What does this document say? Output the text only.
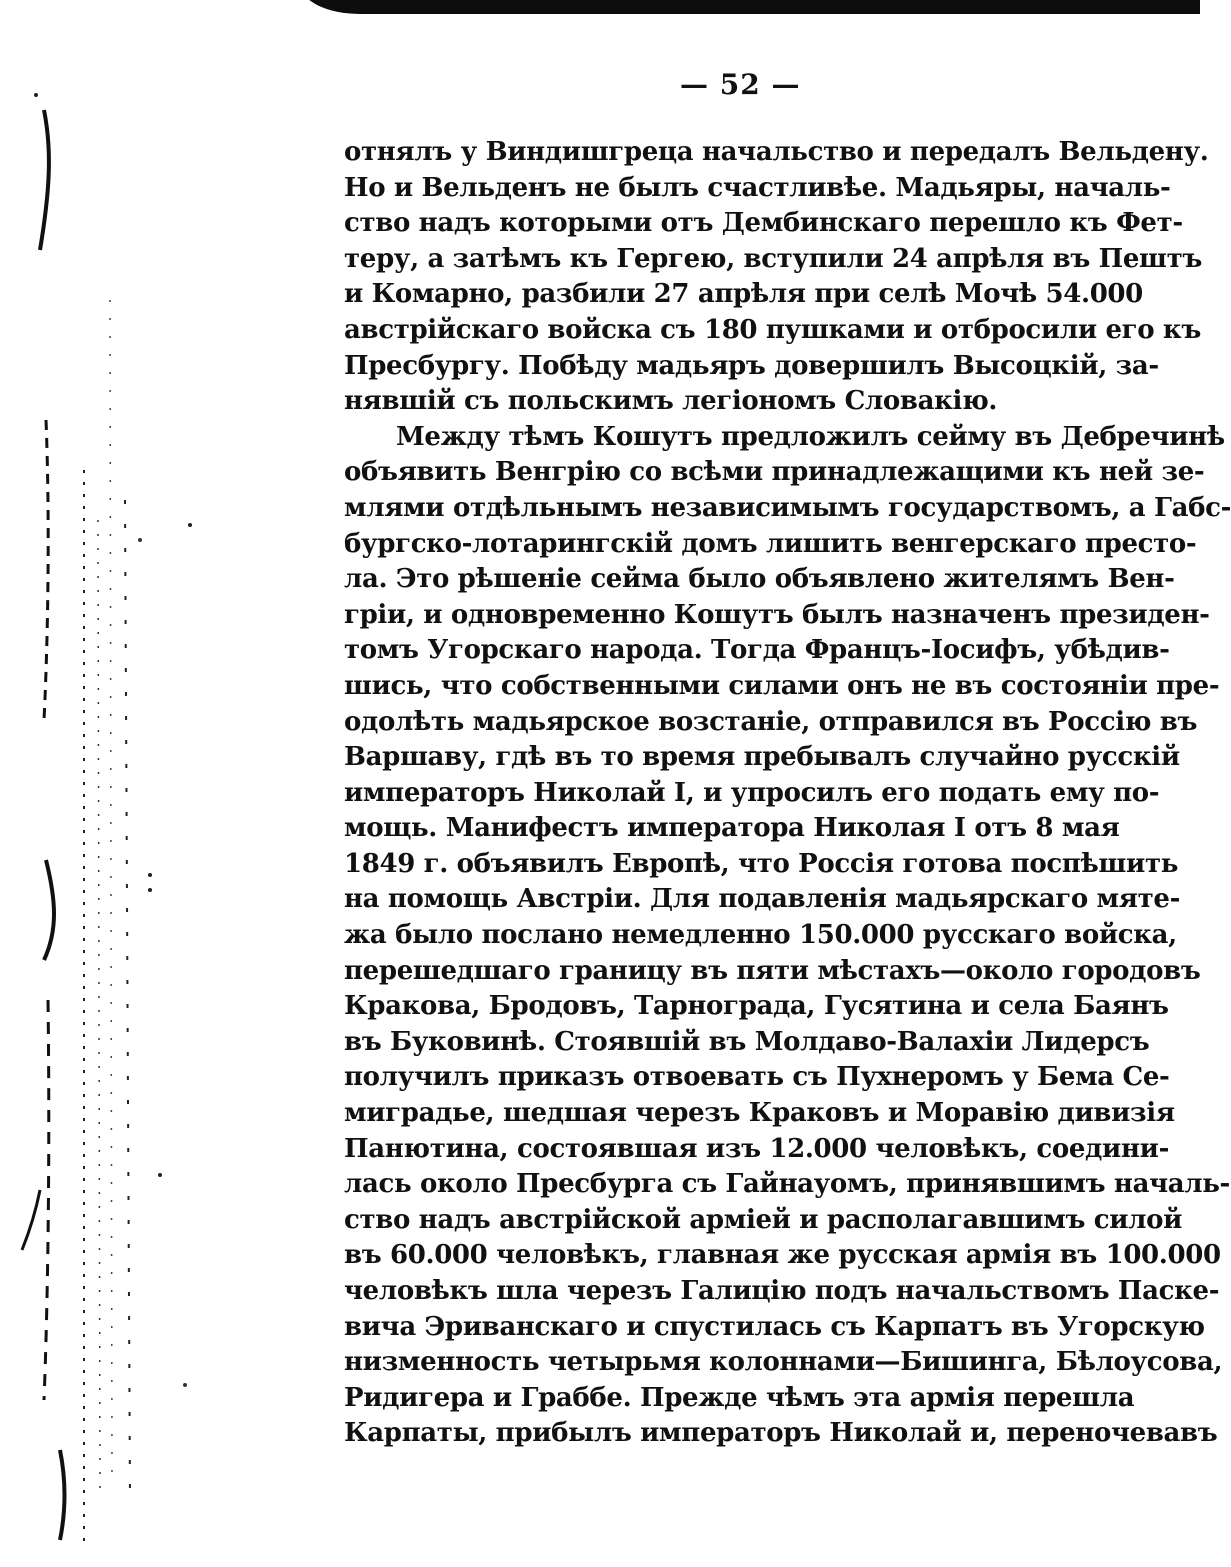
— 52 —
отнялъ у Виндишгреца начальство и передалъ Вельдену.
Но и Вельденъ не былъ счастливѣе. Мадьяры, началь-
ство надъ которыми отъ Дембинскаго перешло къ Фет-
теру, а затѣмъ къ Гергею, вступили 24 апрѣля въ Пештъ
и Комарно, разбили 27 апрѣля при селѣ Мочѣ 54.000
австрійскаго войска съ 180 пушками и отбросили его къ
Пресбургу. Побѣду мадьяръ довершилъ Высоцкій, за-
нявшій съ польскимъ легіономъ Словакію.
Между тѣмъ Кошутъ предложилъ сейму въ Дебречинѣ
объявить Венгрію со всѣми принадлежащими къ ней зе-
млями отдѣльнымъ независимымъ государствомъ, а Габс-
бургско-лотарингскій домъ лишить венгерскаго престо-
ла. Это рѣшеніе сейма было объявлено жителямъ Вен-
гріи, и одновременно Кошутъ былъ назначенъ президен-
томъ Угорскаго народа. Тогда Францъ-Іосифъ, убѣдив-
шись, что собственными силами онъ не въ состояніи пре-
одолѣть мадьярское возстаніе, отправился въ Россію въ
Варшаву, гдѣ въ то время пребывалъ случайно русскій
императоръ Николай I, и упросилъ его подать ему по-
мощь. Манифестъ императора Николая I отъ 8 мая
1849 г. объявилъ Европѣ, что Россія готова поспѣшить
на помощь Австріи. Для подавленія мадьярскаго мяте-
жа было послано немедленно 150.000 русскаго войска,
перешедшаго границу въ пяти мѣстахъ—около городовъ
Кракова, Бродовъ, Тарнограда, Гусятина и села Баянъ
въ Буковинѣ. Стоявшій въ Молдаво-Валахіи Лидерсъ
получилъ приказъ отвоевать съ Пухнеромъ у Бема Се-
миградье, шедшая черезъ Краковъ и Моравію дивизія
Панютина, состоявшая изъ 12.000 человѣкъ, соедини-
лась около Пресбурга съ Гайнауомъ, принявшимъ началь-
ство надъ австрійской арміей и располагавшимъ силой
въ 60.000 человѣкъ, главная же русская армія въ 100.000
человѣкъ шла черезъ Галицію подъ начальствомъ Паске-
вича Эриванскаго и спустилась съ Карпатъ въ Угорскую
низменность четырьмя колоннами—Бишинга, Бѣлоусова,
Ридигера и Граббе. Прежде чѣмъ эта армія перешла
Карпаты, прибылъ императоръ Николай и, переночевавъ
